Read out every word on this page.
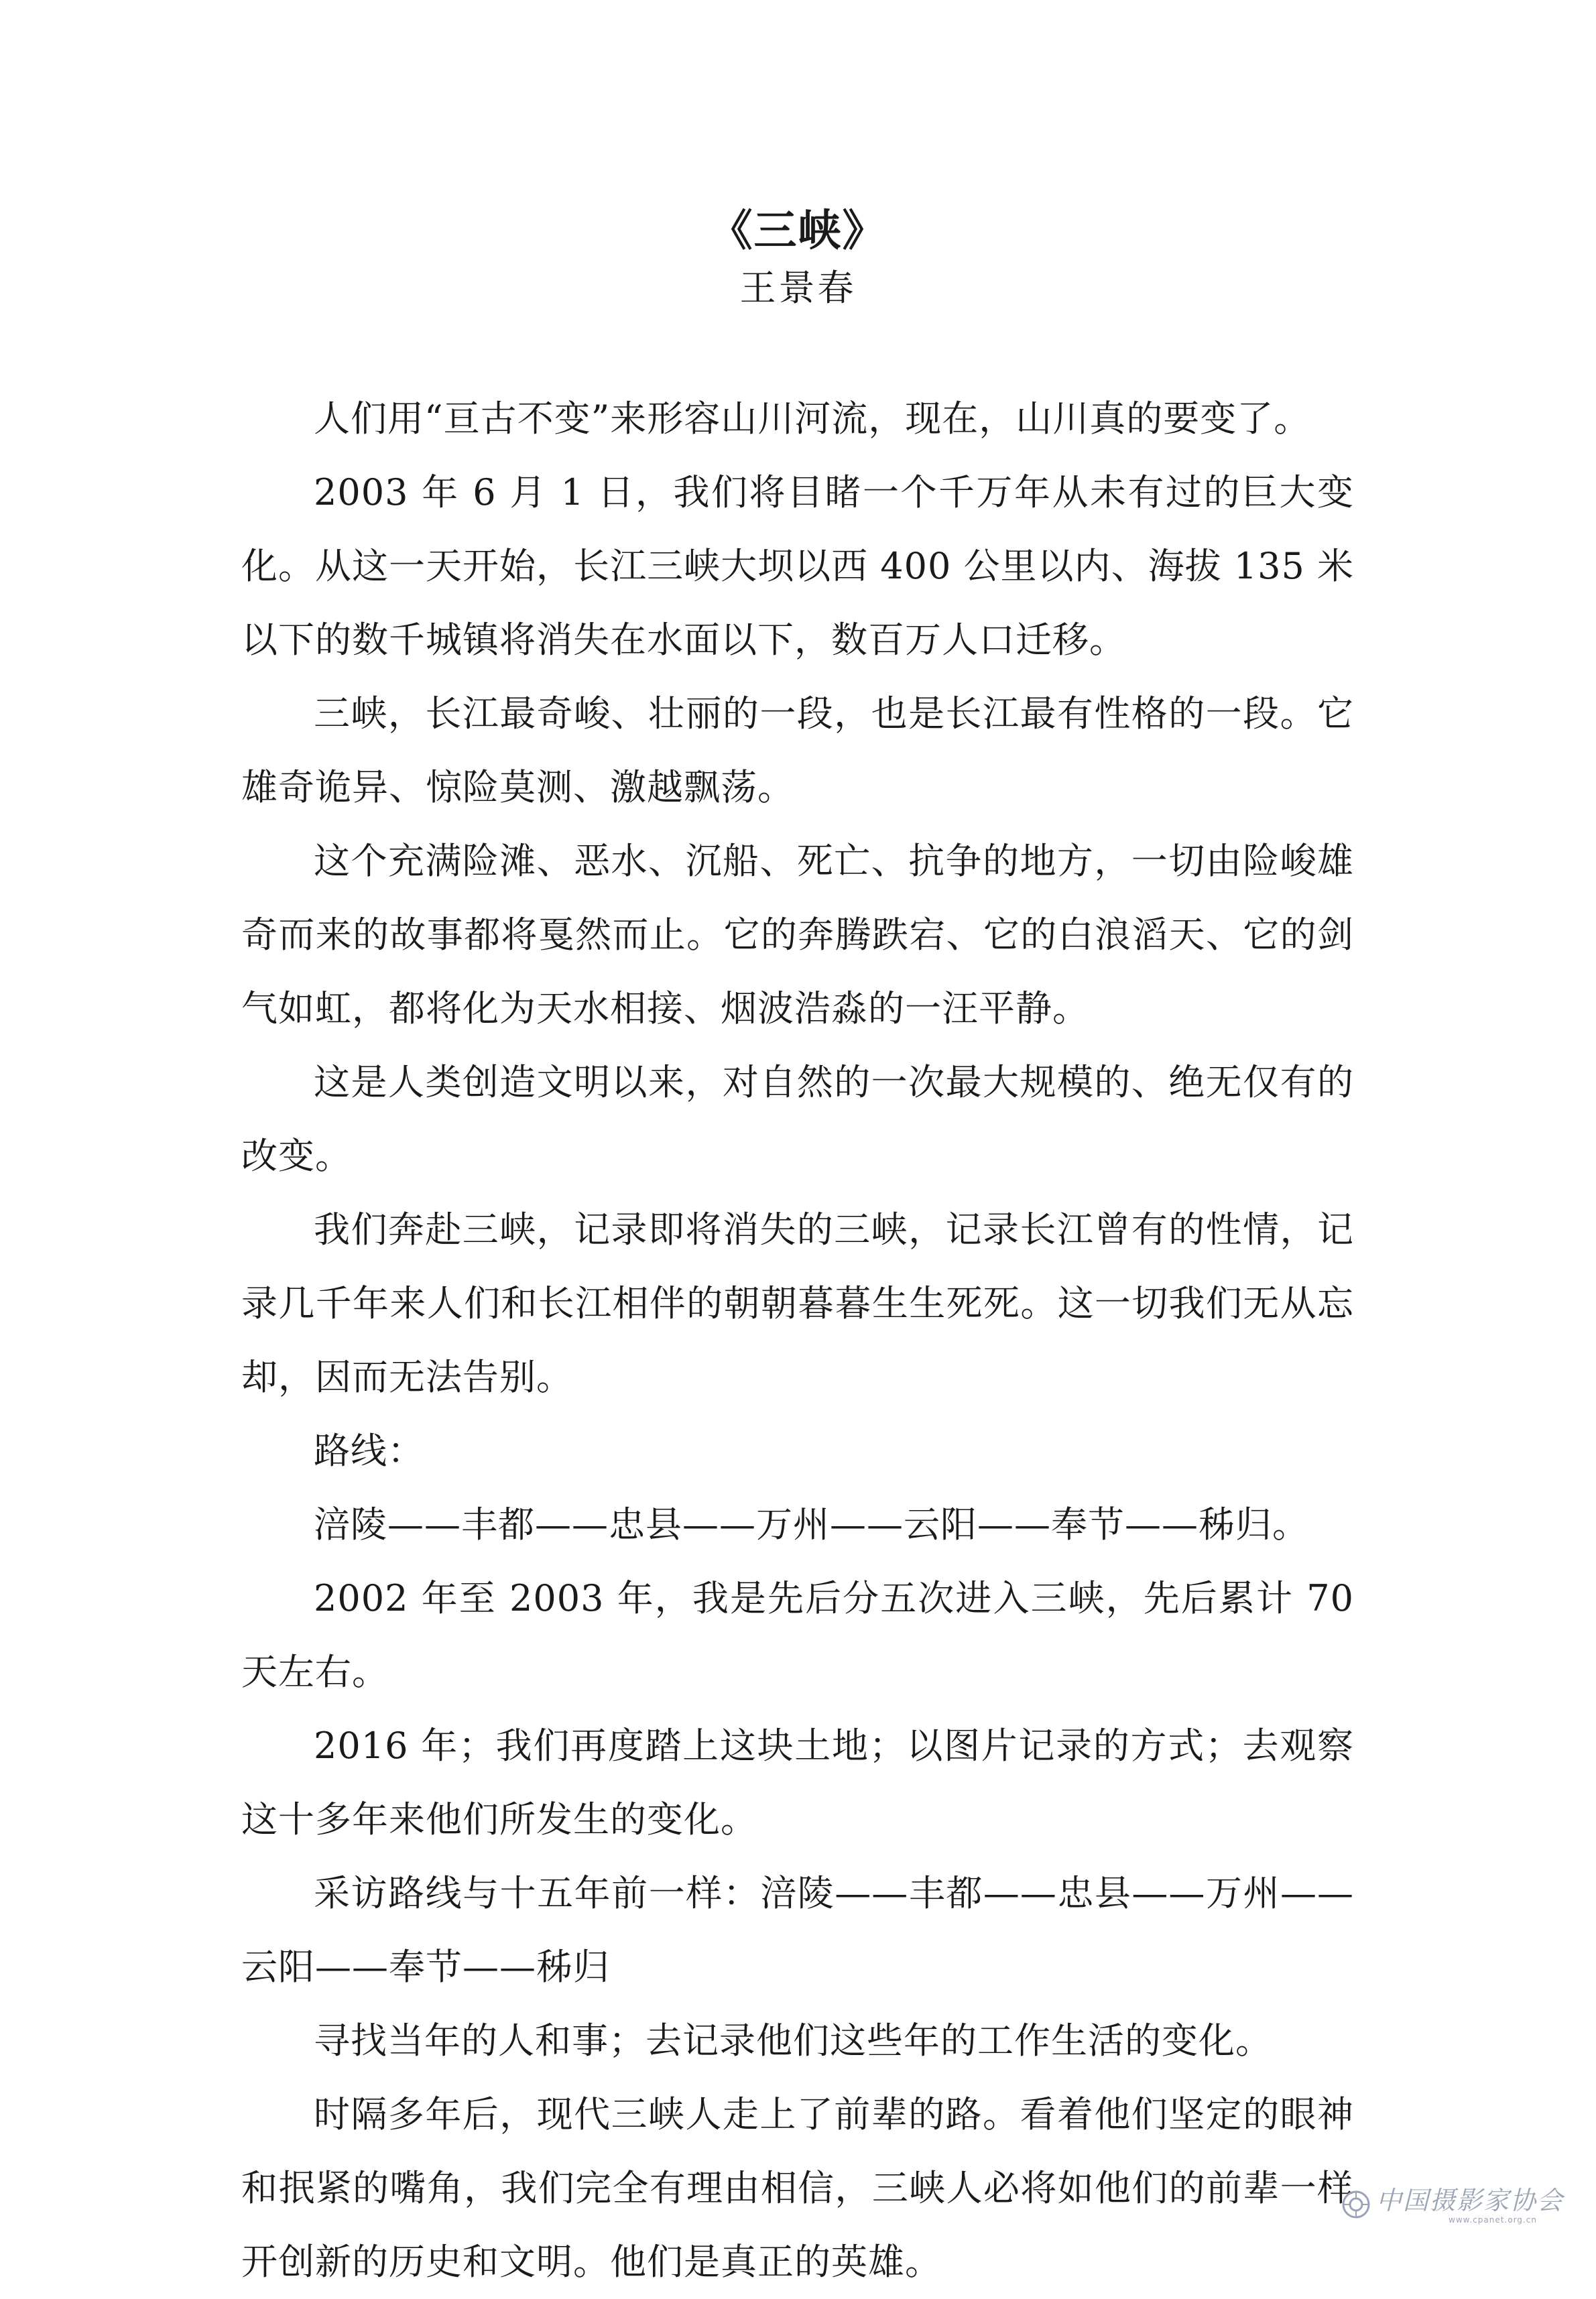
《三峡》
王景春

人们用“亘古不变”来形容山川河流，现在，山川真的要变了。

2003 年 6 月 1 日，我们将目睹一个千万年从未有过的巨大变化。从这一天开始，长江三峡大坝以西 400 公里以内、海拔 135 米以下的数千城镇将消失在水面以下，数百万人口迁移。

三峡，长江最奇峻、壮丽的一段，也是长江最有性格的一段。它雄奇诡异、惊险莫测、激越飘荡。

这个充满险滩、恶水、沉船、死亡、抗争的地方，一切由险峻雄奇而来的故事都将戛然而止。它的奔腾跌宕、它的白浪滔天、它的剑气如虹，都将化为天水相接、烟波浩淼的一汪平静。

这是人类创造文明以来，对自然的一次最大规模的、绝无仅有的改变。

我们奔赴三峡，记录即将消失的三峡，记录长江曾有的性情，记录几千年来人们和长江相伴的朝朝暮暮生生死死。这一切我们无从忘却，因而无法告别。

路线：

涪陵——丰都——忠县——万州——云阳——奉节——秭归。

2002 年至 2003 年，我是先后分五次进入三峡，先后累计 70 天左右。

2016 年；我们再度踏上这块土地；以图片记录的方式；去观察这十多年来他们所发生的变化。

采访路线与十五年前一样：涪陵——丰都——忠县——万州——云阳——奉节——秭归

寻找当年的人和事；去记录他们这些年的工作生活的变化。

时隔多年后，现代三峡人走上了前辈的路。看着他们坚定的眼神和抿紧的嘴角，我们完全有理由相信，三峡人必将如他们的前辈一样开创新的历史和文明。他们是真正的英雄。

中国摄影家协会
www.cpanet.org.cn
